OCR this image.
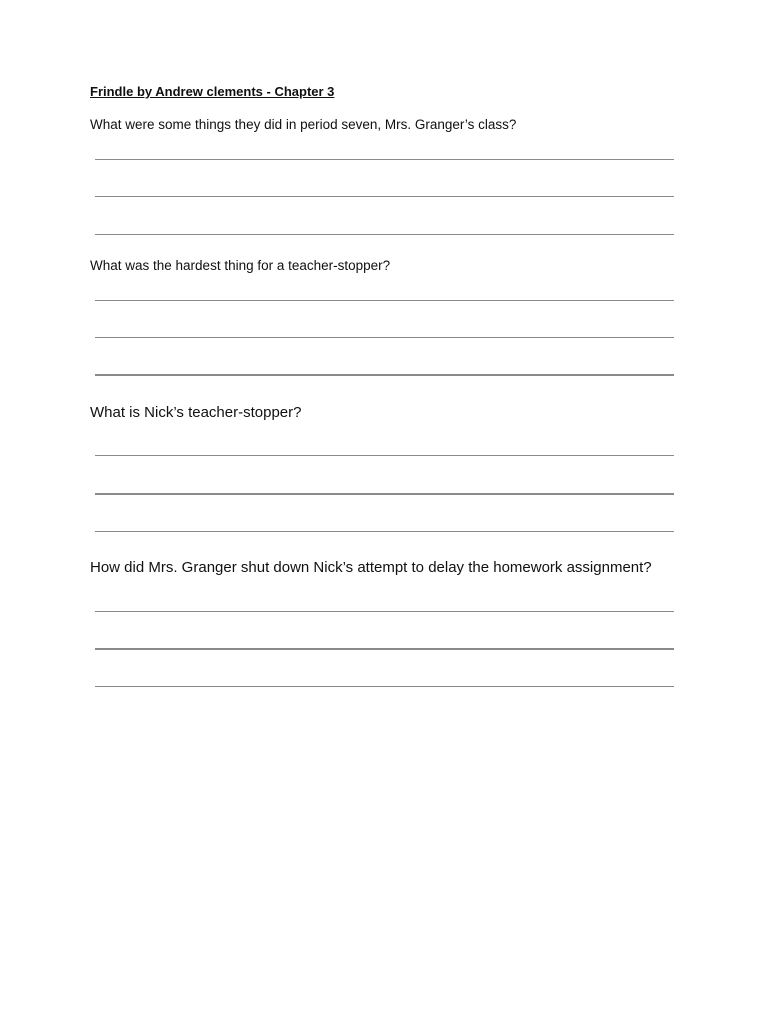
Frindle by Andrew clements - Chapter 3
What were some things they did in period seven, Mrs. Granger’s class?
What was the hardest thing for a teacher-stopper?
What is Nick’s teacher-stopper?
How did Mrs. Granger shut down Nick’s attempt to delay the homework assignment?
